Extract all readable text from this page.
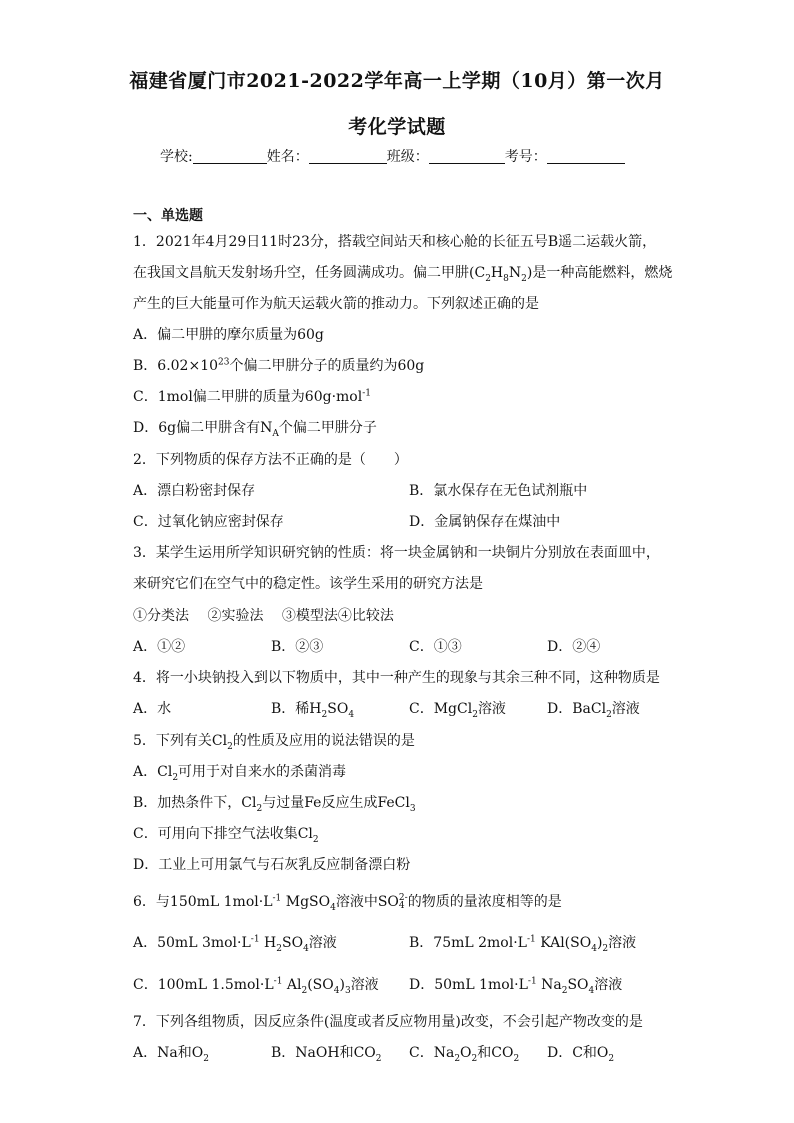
福建省厦门市2021-2022学年高一上学期（10月）第一次月
考化学试题
学校:	姓名：	班级：	考号：
一、单选题
1．2021年4月29日11时23分，搭载空间站天和核心舱的长征五号B遥二运载火箭，
在我国文昌航天发射场升空，任务圆满成功。偏二甲肼$(C_2H_8N_2)$是一种高能燃料，燃烧
产生的巨大能量可作为航天运载火箭的推动力。下列叙述正确的是
A．偏二甲肼的摩尔质量为60g
B．$6.02\times 10^{23}$个偏二甲肼分子的质量约为60g
C．1mol偏二甲肼的质量为60g·mol$^{-1}$
D．6g偏二甲肼含有$N_A$个偏二甲肼分子
2．下列物质的保存方法不正确的是（　　）
A．漂白粉密封保存	B．氯水保存在无色试剂瓶中
C．过氧化钠应密封保存	D．金属钠保存在煤油中
3．某学生运用所学知识研究钠的性质：将一块金属钠和一块铜片分别放在表面皿中，
来研究它们在空气中的稳定性。该学生采用的研究方法是
①分类法　 ②实验法　 ③模型法④比较法
A．①②	B．②③	C．①③	D．②④
4．将一小块钠投入到以下物质中，其中一种产生的现象与其余三种不同，这种物质是
A．水	B．稀$H_2SO_4$	C．MgCl$_2$溶液	D．BaCl$_2$溶液
5．下列有关$Cl_2$的性质及应用的说法错误的是
A．$Cl_2$可用于对自来水的杀菌消毒
B．加热条件下，$Cl_2$与过量Fe反应生成FeCl$_3$
C．可用向下排空气法收集$Cl_2$
D．工业上可用氯气与石灰乳反应制备漂白粉
6．与150mL $1mol\cdot L^{-1}$ MgSO$_4$溶液中SO 2-
4 的物质的量浓度相等的是
A．50mL $3mol\cdot L^{-1}$ $H_2SO_4$溶液	B．75mL $2mol\cdot L^{-1}$ $KAl(SO_4)_2$溶液
C．100mL $1.5mol\cdot L^{-1}$ $Al_2(SO_4)_3$溶液 D．50mL $1mol\cdot L^{-1}$ $Na_2SO_4$溶液
7．下列各组物质，因反应条件(温度或者反应物用量)改变，不会引起产物改变的是
A．Na和$O_2$	B．NaOH和$CO_2$ C．$Na_2O_2$和$CO_2$ D．C和$O_2$
